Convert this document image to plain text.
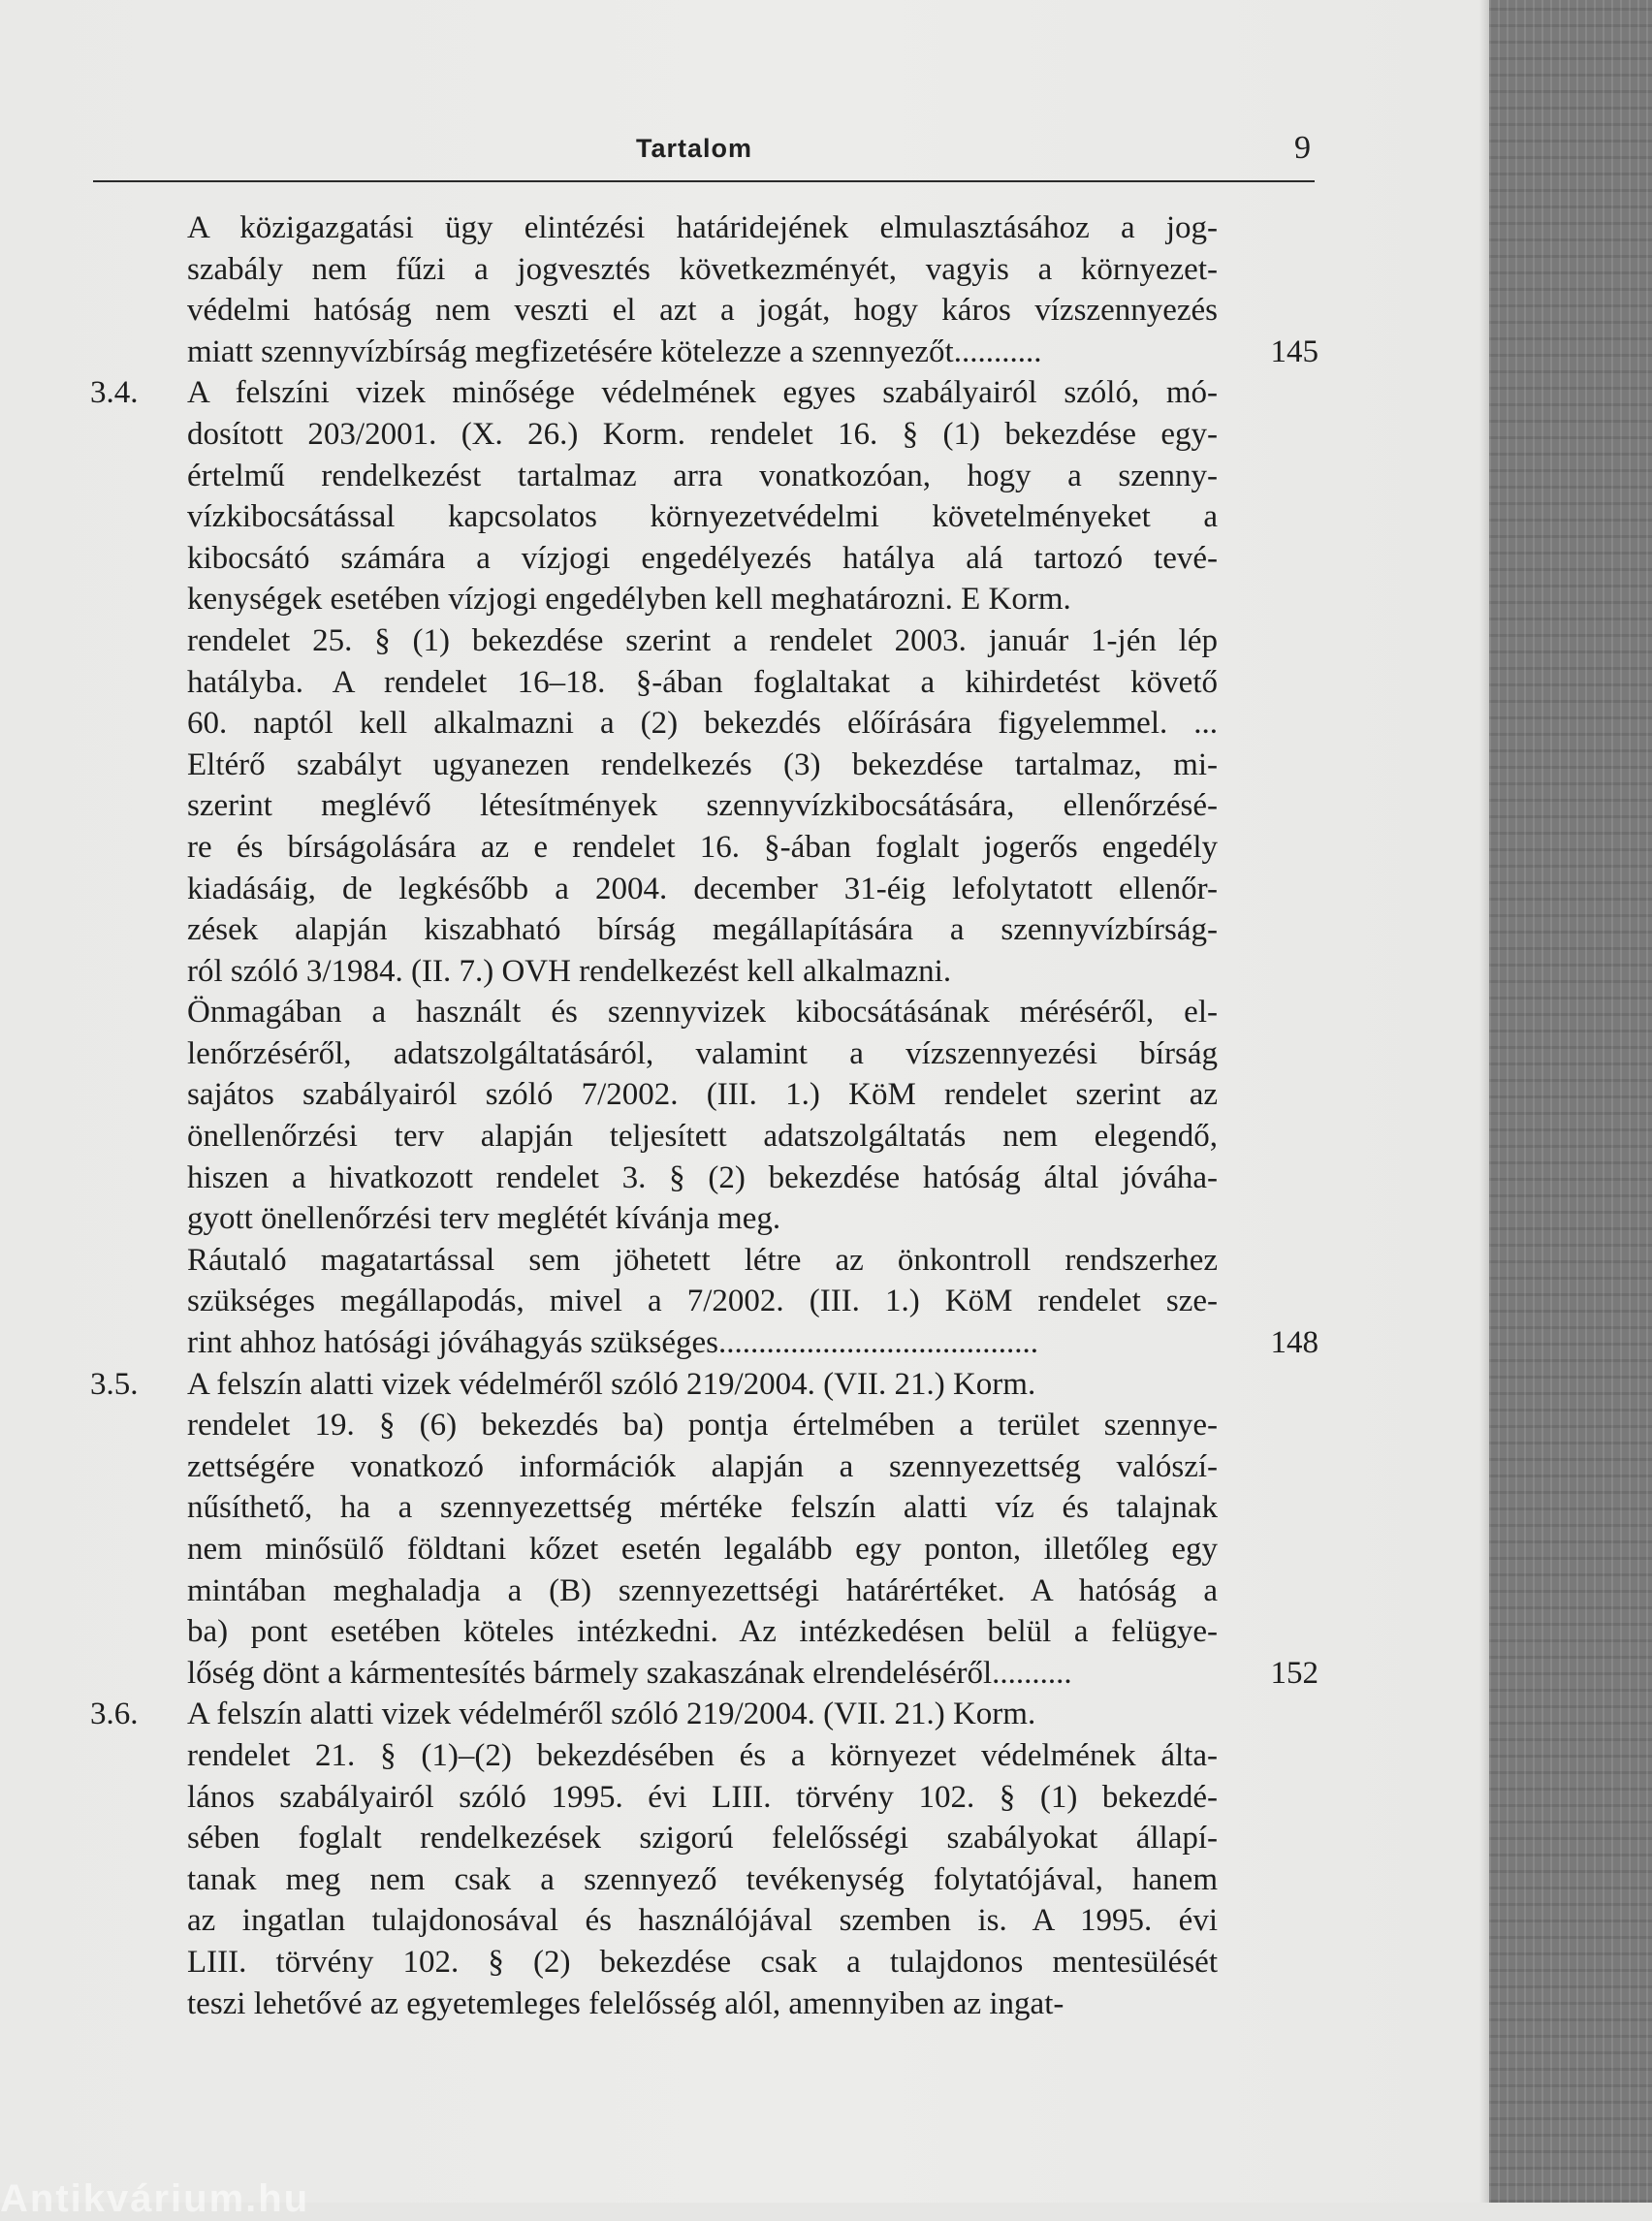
Tartalom	9
A közigazgatási ügy elintézési határidejének elmulasztásához a jog-
szabály nem fűzi a jogvesztés következményét, vagyis a környezet-
védelmi hatóság nem veszti el azt a jogát, hogy káros vízszennyezés
miatt szennyvízbírság megfizetésére kötelezze a szennyezőt...........	145
3.4. A felszíni vizek minősége védelmének egyes szabályairól szóló, mó-
dosított 203/2001. (X. 26.) Korm. rendelet 16. § (1) bekezdése egy-
értelmű rendelkezést tartalmaz arra vonatkozóan, hogy a szenny-
vízkibocsátással kapcsolatos környezetvédelmi követelményeket a
kibocsátó számára a vízjogi engedélyezés hatálya alá tartozó tevé-
kenységek esetében vízjogi engedélyben kell meghatározni. E Korm.
rendelet 25. § (1) bekezdése szerint a rendelet 2003. január 1-jén lép
hatályba. A rendelet 16–18. §-ában foglaltakat a kihirdetést követő
60. naptól kell alkalmazni a (2) bekezdés előírására figyelemmel. ...
Eltérő szabályt ugyanezen rendelkezés (3) bekezdése tartalmaz, mi-
szerint meglévő létesítmények szennyvízkibocsátására, ellenőrzésé-
re és bírságolására az e rendelet 16. §-ában foglalt jogerős engedély
kiadásáig, de legkésőbb a 2004. december 31-éig lefolytatott ellenőr-
zések alapján kiszabható bírság megállapítására a szennyvízbírság-
ról szóló 3/1984. (II. 7.) OVH rendelkezést kell alkalmazni.
Önmagában a használt és szennyvizek kibocsátásának méréséről, el-
lenőrzéséről, adatszolgáltatásáról, valamint a vízszennyezési bírság
sajátos szabályairól szóló 7/2002. (III. 1.) KöM rendelet szerint az
önellenőrzési terv alapján teljesített adatszolgáltatás nem elegendő,
hiszen a hivatkozott rendelet 3. § (2) bekezdése hatóság által jóváha-
gyott önellenőrzési terv meglétét kívánja meg.
Ráutaló magatartással sem jöhetett létre az önkontroll rendszerhez
szükséges megállapodás, mivel a 7/2002. (III. 1.) KöM rendelet sze-
rint ahhoz hatósági jóváhagyás szükséges........................................	148
3.5. A felszín alatti vizek védelméről szóló 219/2004. (VII. 21.) Korm.
rendelet 19. § (6) bekezdés ba) pontja értelmében a terület szennye-
zettségére vonatkozó információk alapján a szennyezettség valószí-
nűsíthető, ha a szennyezettség mértéke felszín alatti víz és talajnak
nem minősülő földtani kőzet esetén legalább egy ponton, illetőleg egy
mintában meghaladja a (B) szennyezettségi határértéket. A hatóság a
ba) pont esetében köteles intézkedni. Az intézkedésen belül a felügye-
lőség dönt a kármentesítés bármely szakaszának elrendeléséről..........	152
3.6. A felszín alatti vizek védelméről szóló 219/2004. (VII. 21.) Korm.
rendelet 21. § (1)–(2) bekezdésében és a környezet védelmének álta-
lános szabályairól szóló 1995. évi LIII. törvény 102. § (1) bekezdé-
sében foglalt rendelkezések szigorú felelősségi szabályokat állapí-
tanak meg nem csak a szennyező tevékenység folytatójával, hanem
az ingatlan tulajdonosával és használójával szemben is. A 1995. évi
LIII. törvény 102. § (2) bekezdése csak a tulajdonos mentesülését
teszi lehetővé az egyetemleges felelősség alól, amennyiben az ingat-
Antikvárium.hu
